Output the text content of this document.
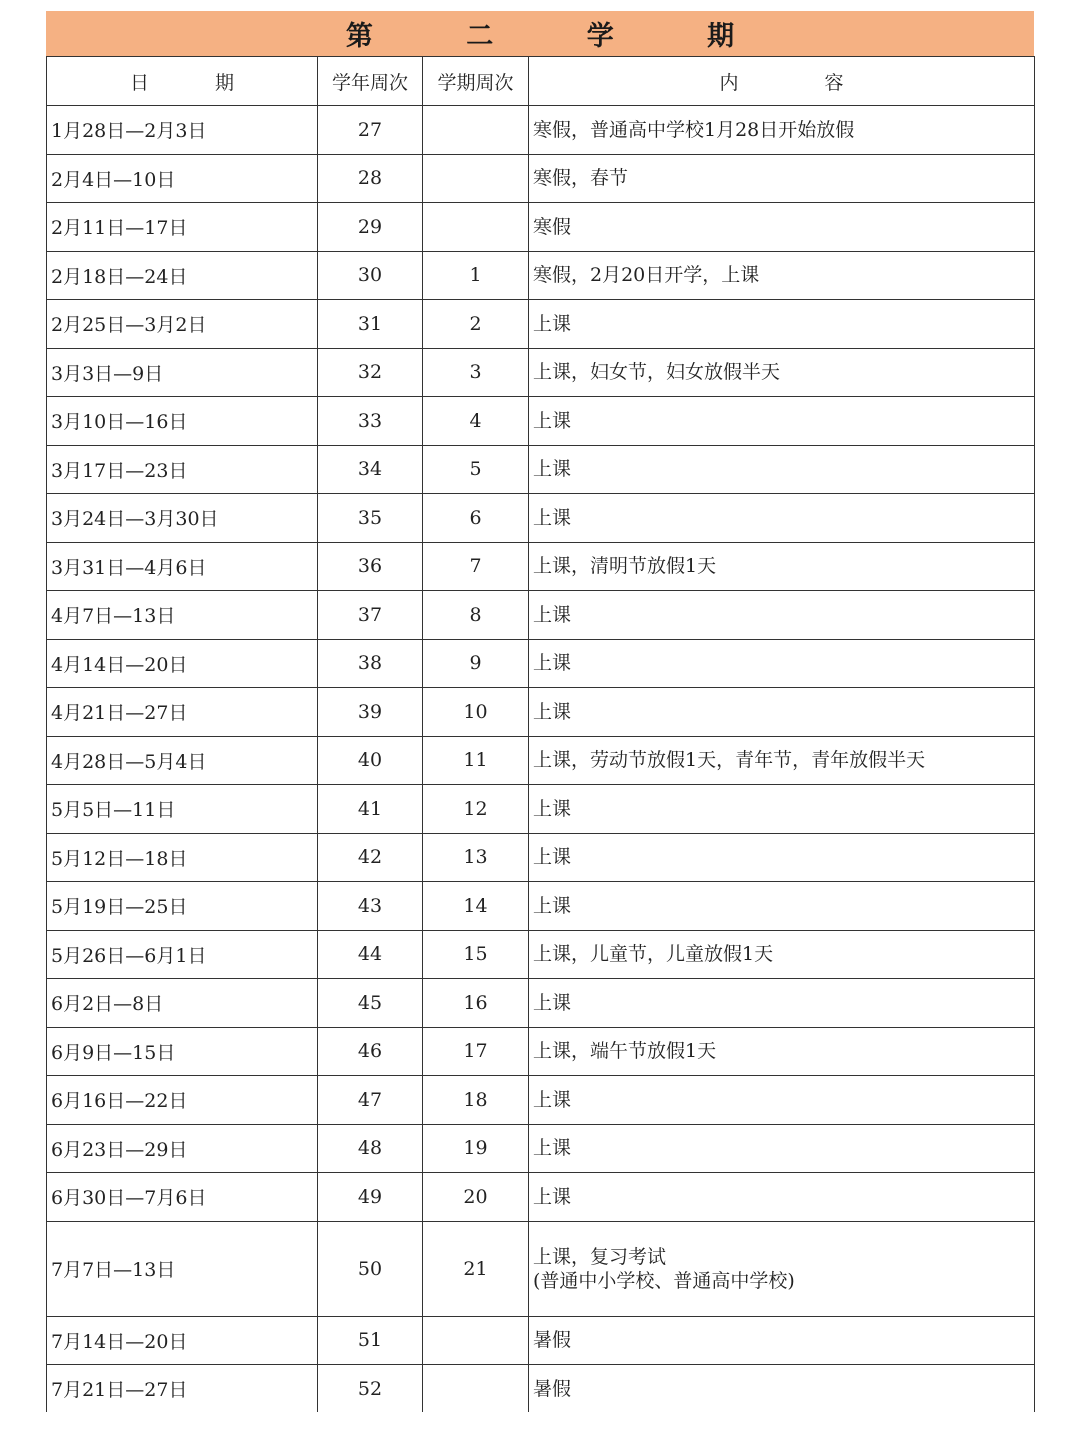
第 二 学 期
日 期	学年周次	学期周次	内 容
1月28日—2月3日	27		寒假，普通高中学校1月28日开始放假
2月4日—10日	28		寒假，春节
2月11日—17日	29		寒假
2月18日—24日	30	1	寒假，2月20日开学，上课
2月25日—3月2日	31	2	上课
3月3日—9日	32	3	上课，妇女节，妇女放假半天
3月10日—16日	33	4	上课
3月17日—23日	34	5	上课
3月24日—3月30日	35	6	上课
3月31日—4月6日	36	7	上课，清明节放假1天
4月7日—13日	37	8	上课
4月14日—20日	38	9	上课
4月21日—27日	39	10	上课
4月28日—5月4日	40	11	上课，劳动节放假1天，青年节，青年放假半天
5月5日—11日	41	12	上课
5月12日—18日	42	13	上课
5月19日—25日	43	14	上课
5月26日—6月1日	44	15	上课，儿童节，儿童放假1天
6月2日—8日	45	16	上课
6月9日—15日	46	17	上课，端午节放假1天
6月16日—22日	47	18	上课
6月23日—29日	48	19	上课
6月30日—7月6日	49	20	上课
7月7日—13日	50	21	上课，复习考试
(普通中小学校、普通高中学校)

7月14日—20日	51		暑假
7月21日—27日	52		暑假
